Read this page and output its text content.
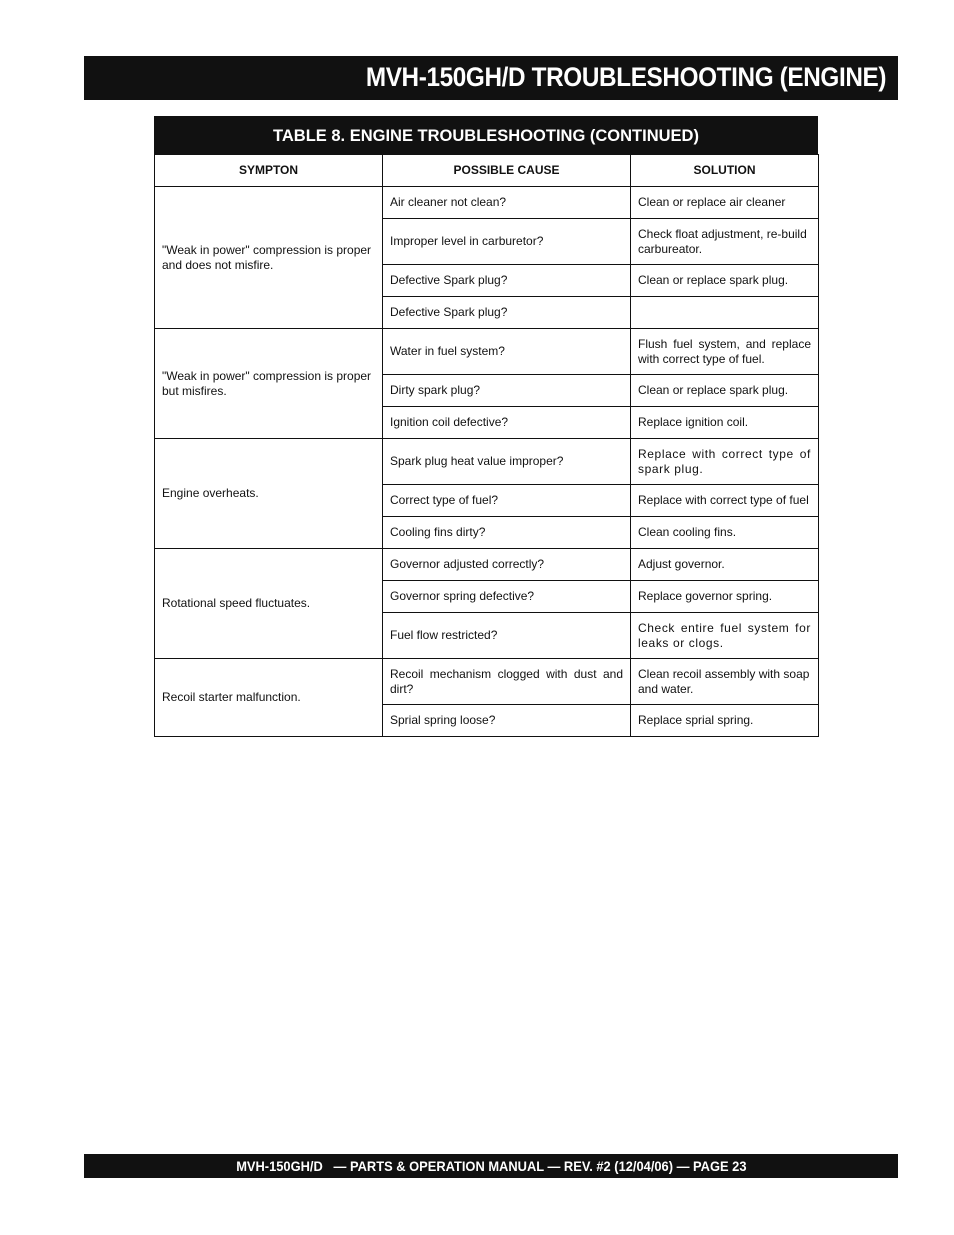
MVH-150GH/D TROUBLESHOOTING (ENGINE)
TABLE 8. ENGINE TROUBLESHOOTING (CONTINUED)
SYMPTON	POSSIBLE CAUSE	SOLUTION
"Weak in power" compression is proper and does not misfire.	Air cleaner not clean?	Clean or replace air cleaner
	Improper level in carburetor?	Check float adjustment, re-build carbureator.
	Defective Spark plug?	Clean or replace spark plug.
	Defective Spark plug?	
"Weak in power" compression is proper but misfires.	Water in fuel system?	Flush fuel system, and replace with correct type of fuel.
	Dirty spark plug?	Clean or replace spark plug.
	Ignition coil defective?	Replace ignition coil.
Engine overheats.	Spark plug heat value improper?	Replace with correct type of spark plug.
	Correct type of fuel?	Replace with correct type of fuel
	Cooling fins dirty?	Clean cooling fins.
Rotational speed fluctuates.	Governor adjusted correctly?	Adjust governor.
	Governor spring defective?	Replace governor spring.
	Fuel flow restricted?	Check entire fuel system for leaks or clogs.
Recoil starter malfunction.	Recoil mechanism clogged with dust and dirt?	Clean recoil assembly with soap and water.
	Sprial spring loose?	Replace sprial spring.
MVH-150GH/D   — PARTS & OPERATION MANUAL — REV. #2 (12/04/06) — PAGE 23
